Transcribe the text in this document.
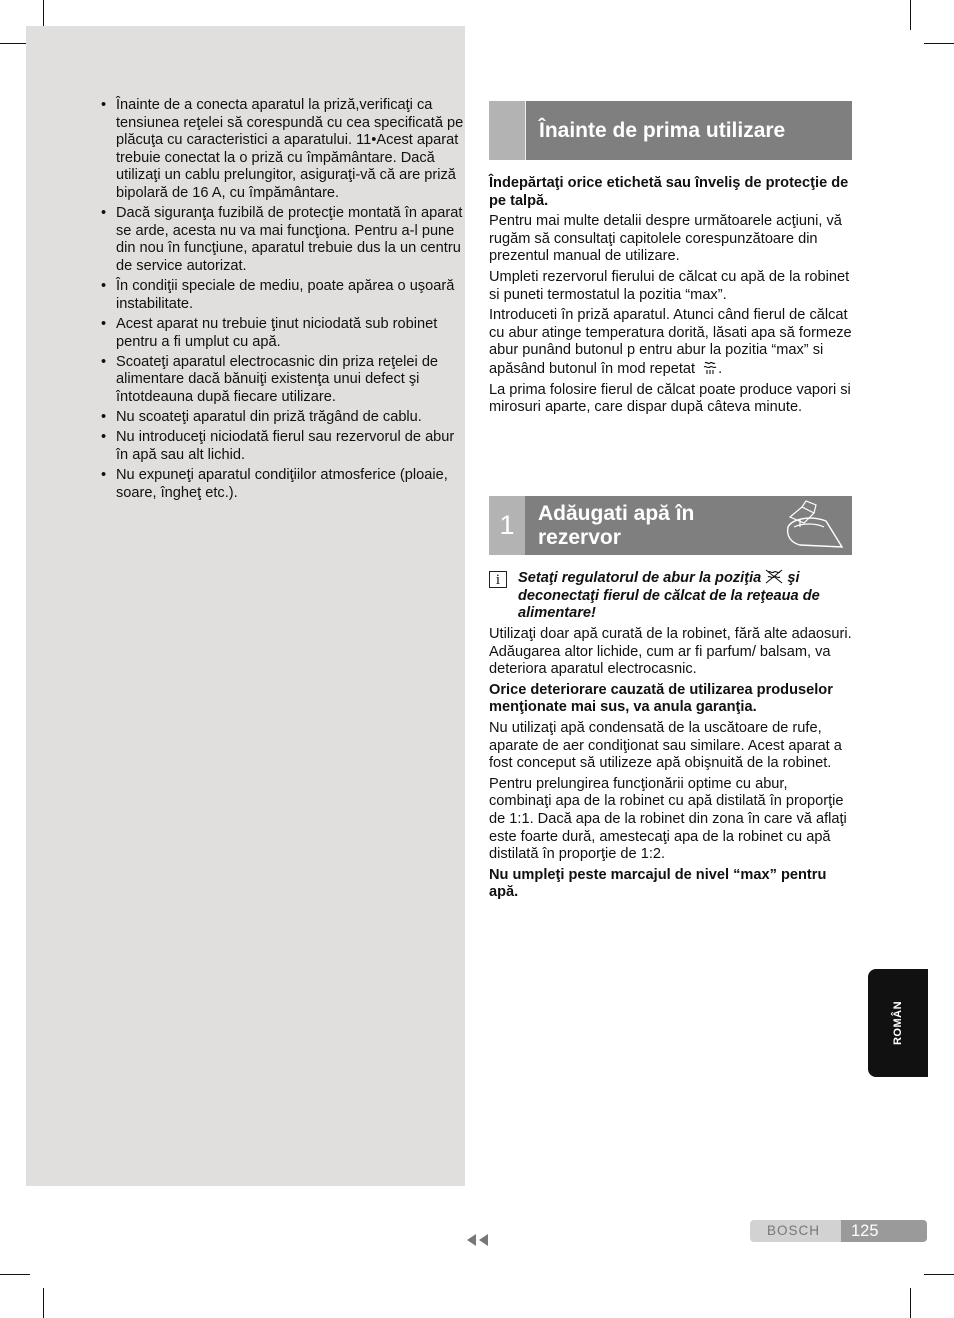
• Înainte de a conecta aparatul la priză,verificaţi ca tensiunea reţelei să corespundă cu cea specificată pe plăcuţa cu caracteristici a aparatului. 11•Acest aparat trebuie conectat la o priză cu împământare. Dacă utilizaţi un cablu prelungitor, asiguraţi-vă că are priză bipolară de 16 A, cu împământare.
• Dacă siguranţa fuzibilă de protecţie montată în aparat se arde, acesta nu va mai funcţiona. Pentru a-l pune din nou în funcţiune, aparatul trebuie dus la un centru de service autorizat.
• În condiţii speciale de mediu, poate apărea o uşoară instabilitate.
• Acest aparat nu trebuie ţinut niciodată sub robinet pentru a fi umplut cu apă.
• Scoateţi aparatul electrocasnic din priza reţelei de alimentare dacă bănuiţi existenţa unui defect şi întotdeauna după fiecare utilizare.
• Nu scoateţi aparatul din priză trăgând de cablu.
• Nu introduceţi niciodată fierul sau rezervorul de abur în apă sau alt lichid.
• Nu expuneţi aparatul condiţiilor atmosferice (ploaie, soare, îngheţ etc.).
Înainte de prima utilizare

Îndepărtaţi orice etichetă sau înveliş de protecţie de pe talpă.

Pentru mai multe detalii despre următoarele acţiuni, vă rugăm să consultaţi capitolele corespunzătoare din prezentul manual de utilizare.

Umpleti rezervorul fierului de călcat cu apă de la robinet si puneti termostatul la pozitia “max”.

Introduceti în priză aparatul. Atunci când fierul de călcat cu abur atinge temperatura dorită, lăsati apa să formeze abur punând butonul p entru abur la pozitia “max” si apăsând butonul în mod repetat .

La prima folosire fierul de călcat poate produce vapori si mirosuri aparte, care dispar după câteva minute.

1	Adăugati apă în rezervor
i	Setaţi regulatorul de abur la poziţia şi deconectaţi fierul de călcat de la reţeaua de alimentare!

Utilizaţi doar apă curată de la robinet, fără alte adaosuri. Adăugarea altor lichide, cum ar fi parfum/ balsam, va deteriora aparatul electrocasnic.

Orice deteriorare cauzată de utilizarea produselor menţionate mai sus, va anula garanţia.

Nu utilizaţi apă condensată de la uscătoare de rufe, aparate de aer condiţionat sau similare. Acest aparat a fost conceput să utilizeze apă obişnuită de la robinet.

Pentru prelungirea funcţionării optime cu abur, combinaţi apa de la robinet cu apă distilată în proporţie de 1:1. Dacă apa de la robinet din zona în care vă aflaţi este foarte dură, amestecaţi apa de la robinet cu apă distilată în proporţie de 1:2.

Nu umpleţi peste marcajul de nivel “max” pentru apă.

ROMÂN
BOSCH	125
